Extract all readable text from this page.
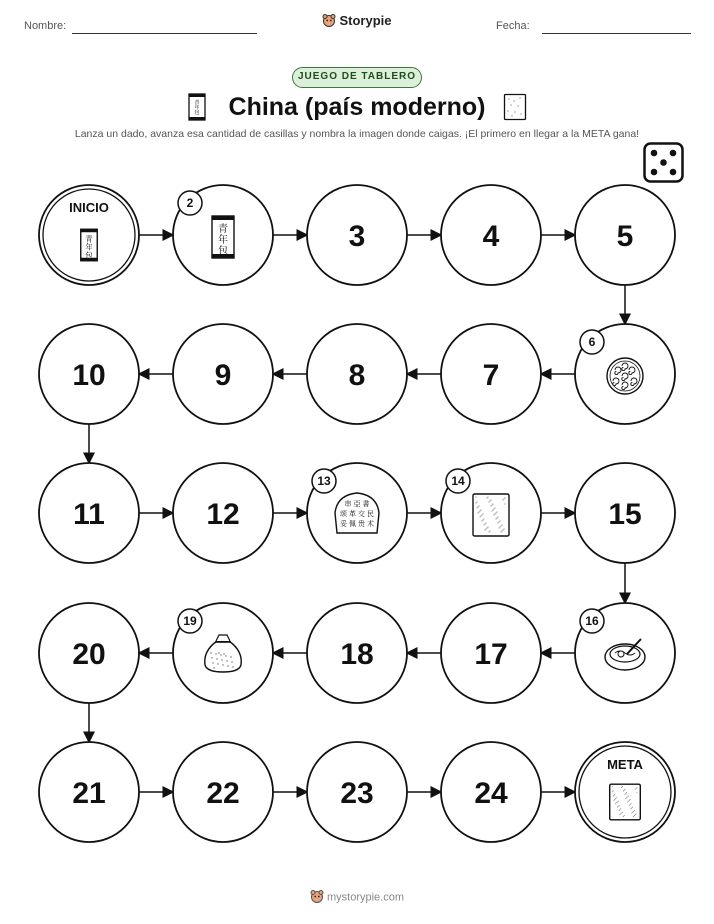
Nombre:	Storypie	Fecha:
JUEGO DE TABLERO
青
年
包	China (país moderno)
Lanza un dado, avanza esa cantidad de casillas y nombra la imagen donde caigas. ¡El primero en llegar a la META gana!
INICIO
青
年
包
青
年
包
2
3	4	5
6
7
8
9
10
11	12	串 亞 書
颂 革 交 民
妥 佩 贵 术
13	14
15
16
17
18
19
20
21	22	23	24
META
mystorypie.com
